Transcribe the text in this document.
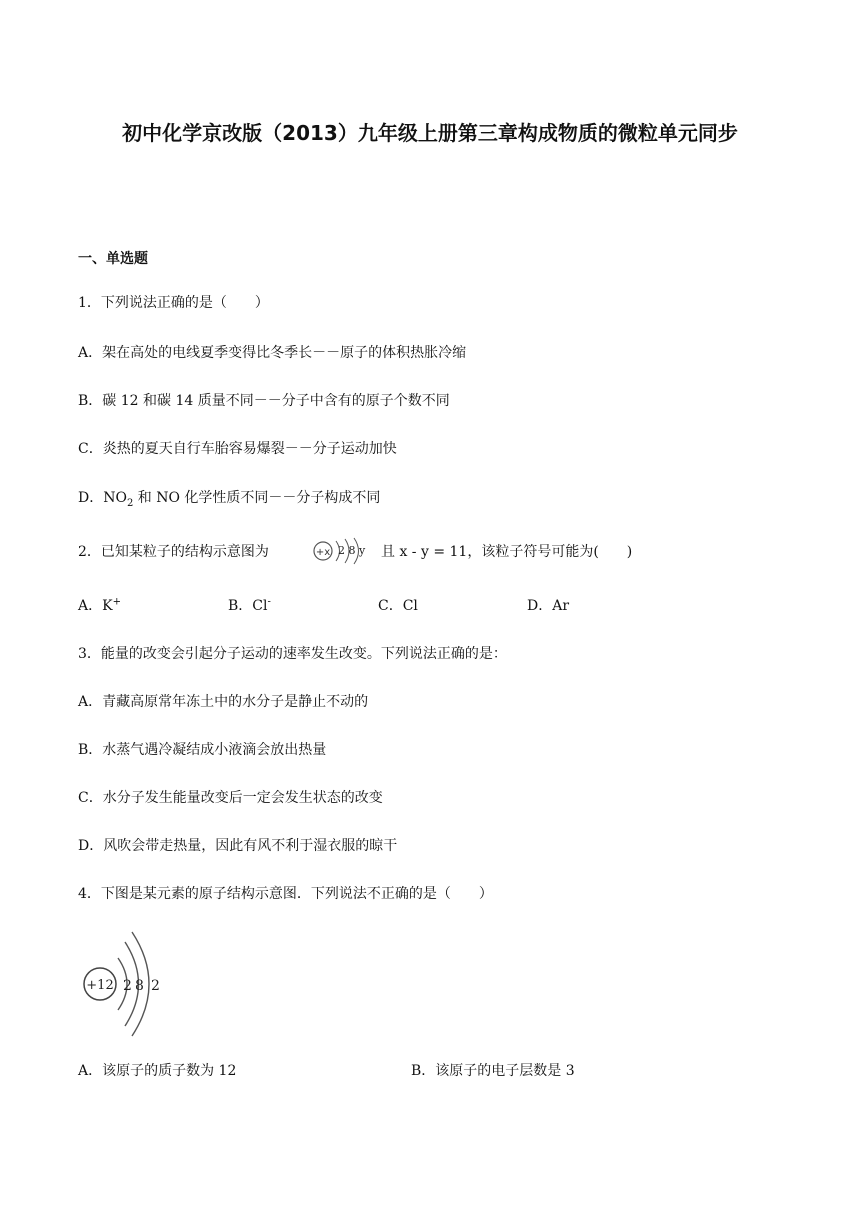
初中化学京改版（2013）九年级上册第三章构成物质的微粒单元同步
一、单选题
1．下列说法正确的是（　　）
A．架在高处的电线夏季变得比冬季长－－原子的体积热胀冷缩
B．碳 12 和碳 14 质量不同－－分子中含有的原子个数不同
C．炎热的夏天自行车胎容易爆裂－－分子运动加快
D．$NO_2$ 和 NO 化学性质不同－－分子构成不同
2．已知某粒子的结构示意图为	+x 2 8 y 且 x - y = 11，该粒子符号可能为(　　)
A．K+	B．Cl-	C．Cl	D．Ar
3．能量的改变会引起分子运动的速率发生改变。下列说法正确的是：
A．青藏高原常年冻土中的水分子是静止不动的
B．水蒸气遇冷凝结成小液滴会放出热量
C．水分子发生能量改变后一定会发生状态的改变
D．风吹会带走热量，因此有风不利于湿衣服的晾干
4．下图是某元素的原子结构示意图．下列说法不正确的是（　　）
+12 2 8 2
A．该原子的质子数为 12	B．该原子的电子层数是 3
